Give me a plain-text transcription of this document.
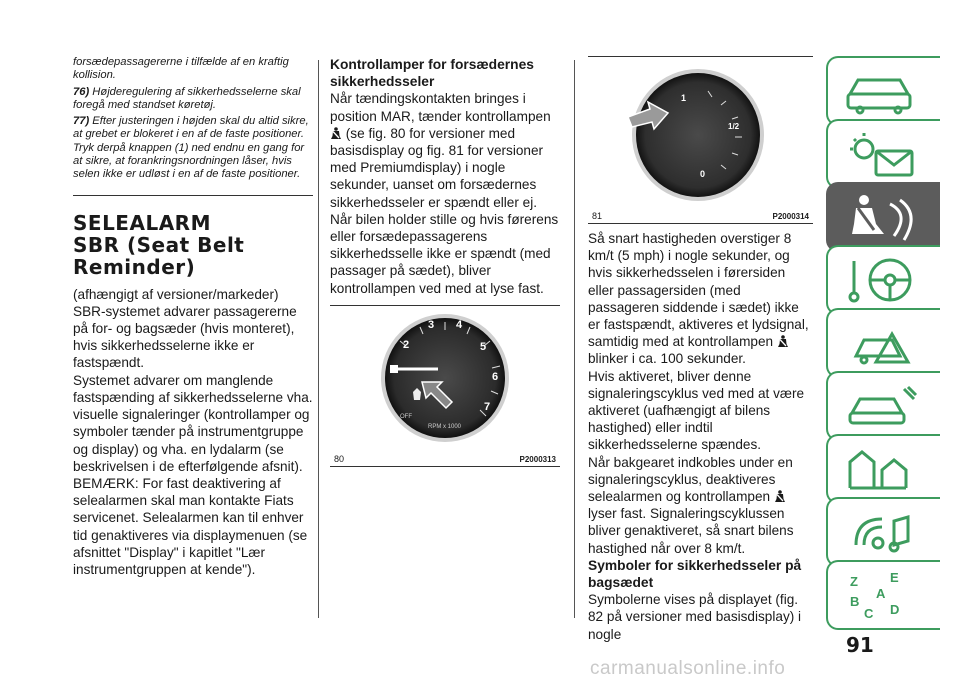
forsædepassagererne i tilfælde af en kraftig kollision.

76) Højderegulering af sikkerhedsselerne skal foregå med standset køretøj.

77) Efter justeringen i højden skal du altid sikre, at grebet er blokeret i en af de faste positioner. Tryk derpå knappen (1) ned endnu en gang for at sikre, at forankringsnordningen låser, hvis selen ikke er udløst i en af de faste positioner.

SELEALARM
SBR (Seat Belt
Reminder)

(afhængigt af versioner/markeder)

SBR-systemet advarer passagererne på for- og bagsæder (hvis monteret), hvis sikkerhedsselerne ikke er fastspændt.

Systemet advarer om manglende fastspænding af sikkerhedsselerne vha. visuelle signaleringer (kontrollamper og symboler tænder på instrumentgruppe og display) og vha. en lydalarm (se beskrivelsen i de efterfølgende afsnit).

BEMÆRK: For fast deaktivering af selealarmen skal man kontakte Fiats servicenet. Selealarmen kan til enhver tid genaktiveres via displaymenuen (se afsnittet "Display" i kapitlet "Lær instrumentgruppen at kende").

Kontrollamper for forsædernes
sikkerhedsseler

Når tændingskontakten bringes i position MAR, tænder kontrollampen
(se fig. 80 for versioner med basisdisplay og fig. 81 for versioner med Premiumdisplay) i nogle sekunder, uanset om forsædernes sikkerhedsseler er spændt eller ej.

Når bilen holder stille og hvis førerens eller forsædepassagerens sikkerhedsselle ikke er spændt (med passager på sædet), bliver kontrollampen ved med at lyse fast.

2
3 4
5
6
7
OFF
RPM x 1000
80	P2000313
1
1/2
0
81	P2000314

Så snart hastigheden overstiger 8 km/t (5 mph) i nogle sekunder, og hvis sikkerhedsselen i førersiden eller passagersiden (med passageren siddende i sædet) ikke er fastspændt, aktiveres et lydsignal, samtidig med at kontrollampen  blinker i ca. 100 sekunder.

Hvis aktiveret, bliver denne signaleringscyklus ved med at være aktiveret (uafhængigt af bilens hastighed) eller indtil sikkerhedsselerne spændes.

Når bakgearet indkobles under en signaleringscyklus, deaktiveres selealarmen og kontrollampen  lyser fast. Signaleringscyklussen bliver genaktiveret, så snart bilens hastighed når over 8 km/t.

Symboler for sikkerhedsseler på
bagsædet

Symbolerne vises på displayet (fig. 82 på versioner med basisdisplay) i nogle

Z E
B
A
C D
91
carmanualsonline.info
